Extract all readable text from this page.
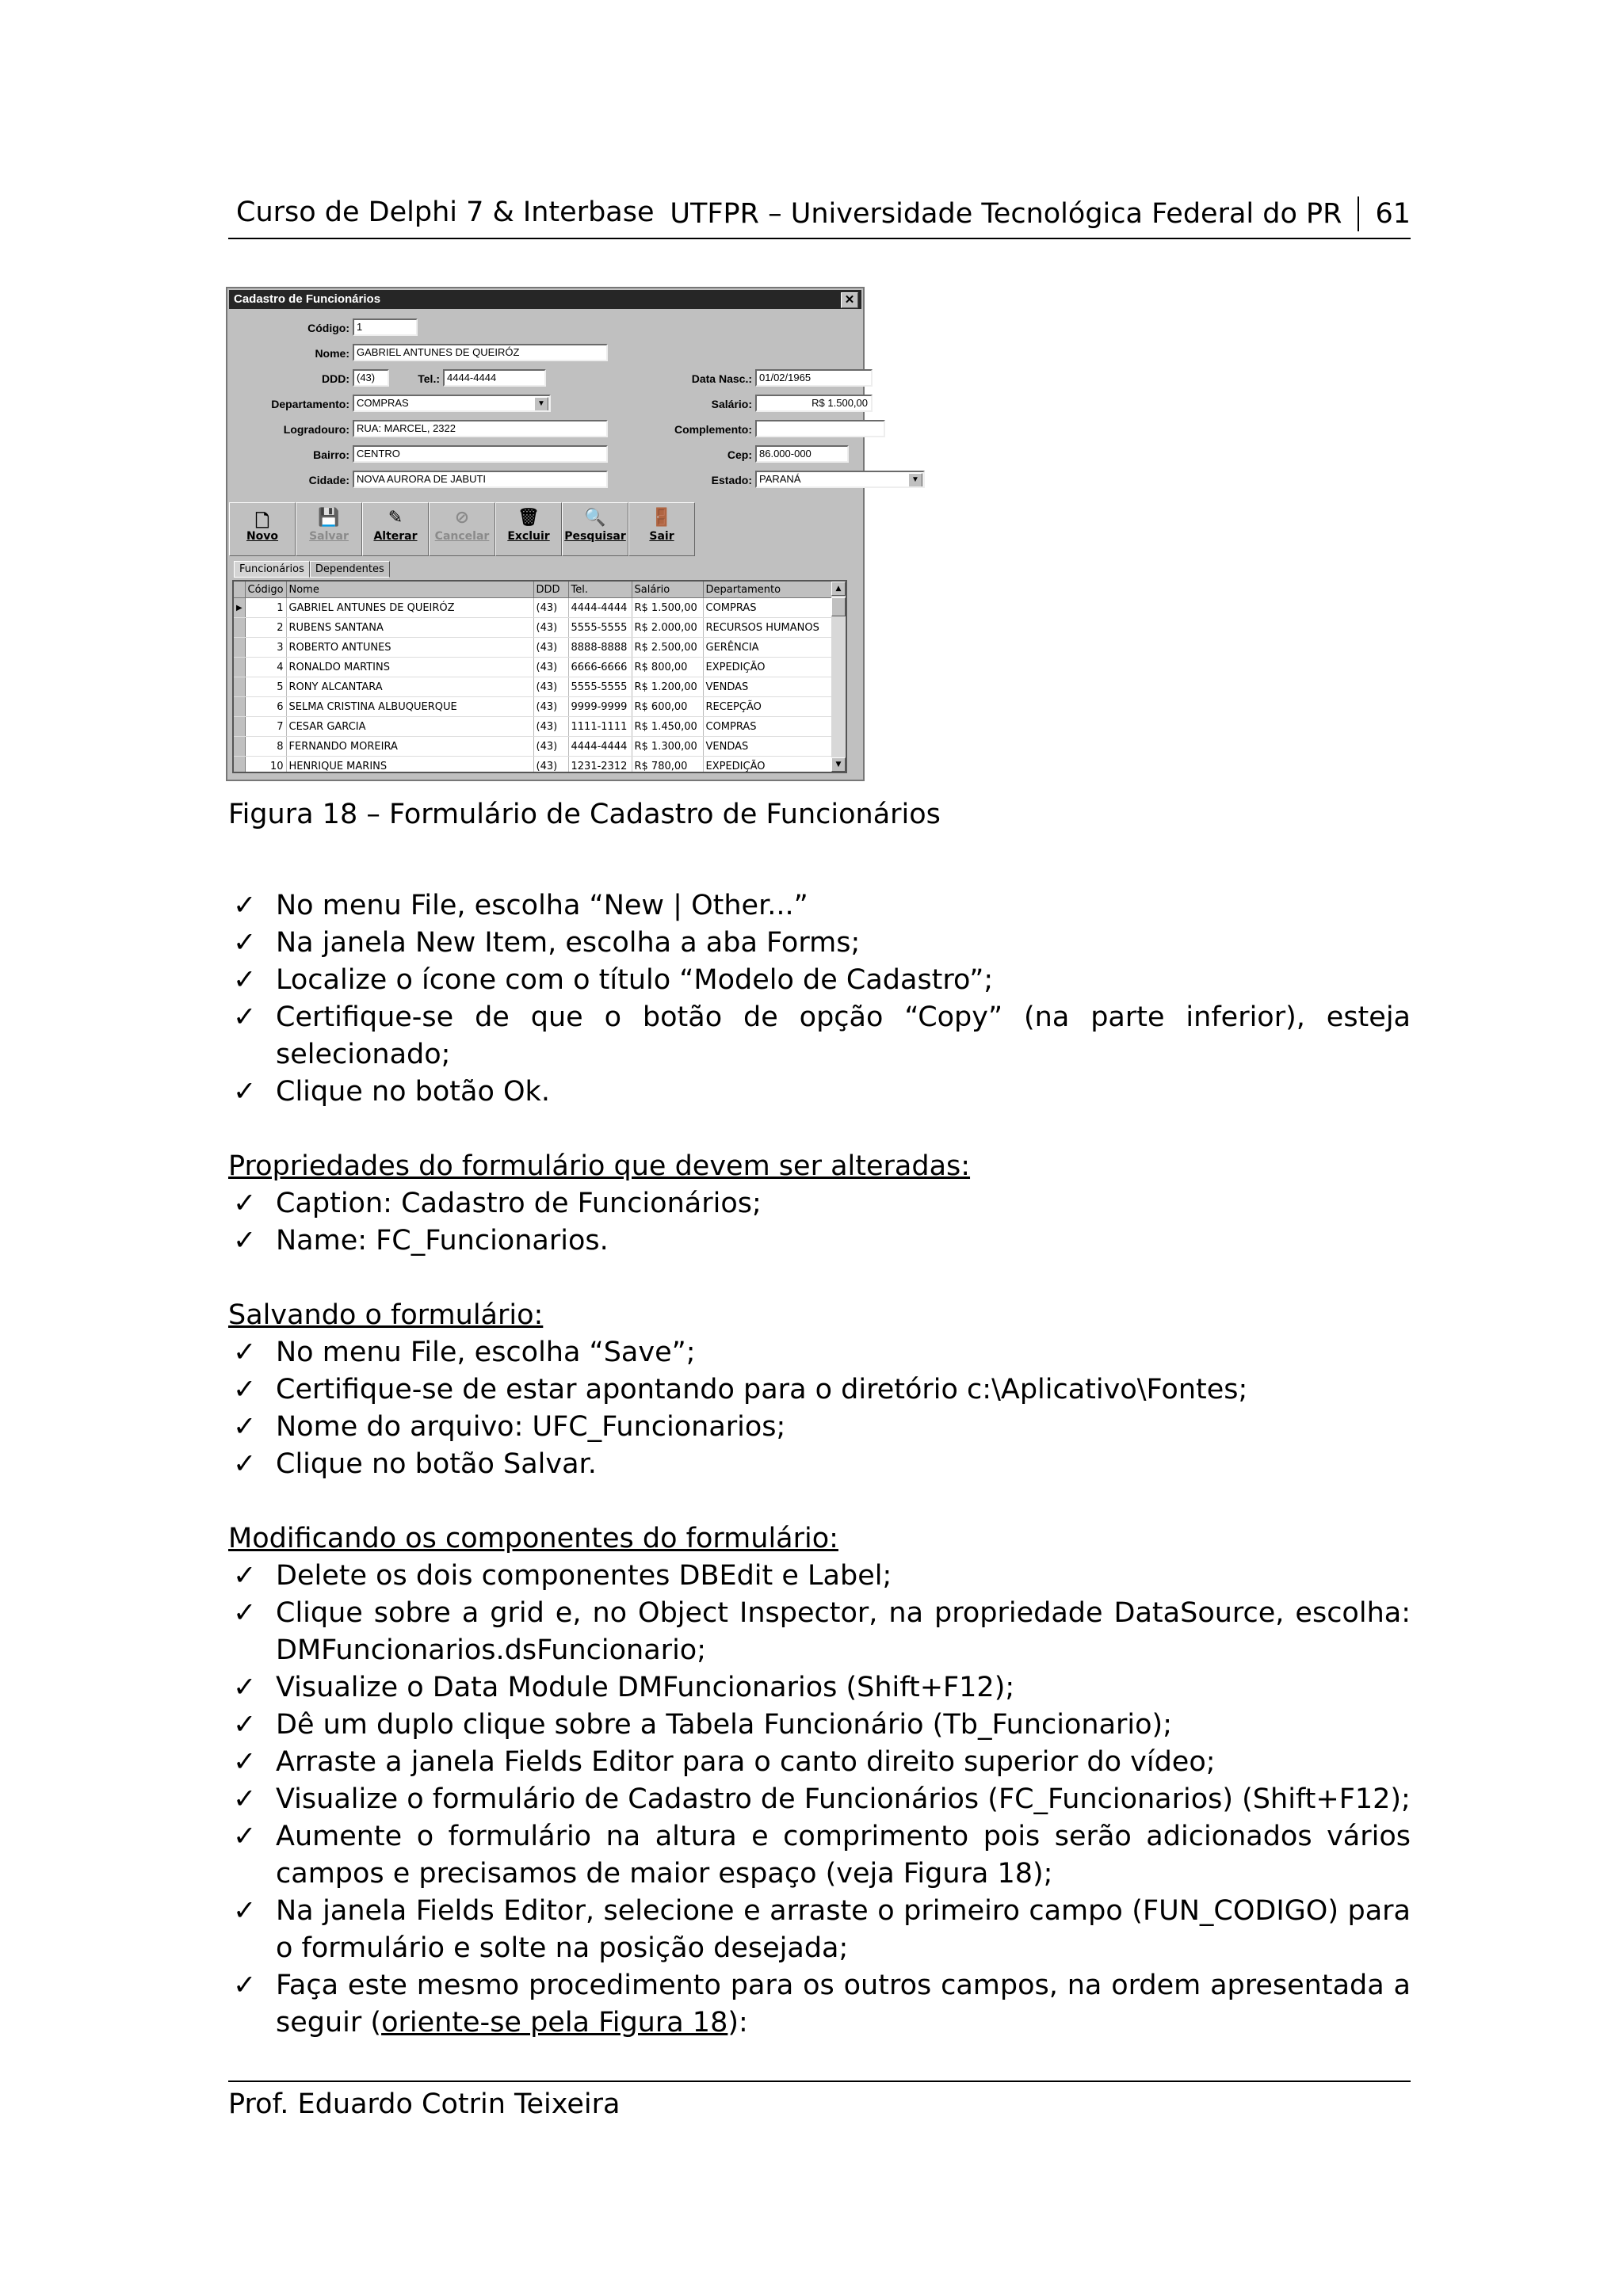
Curso de Delphi 7 & Interbase UTFPR – Universidade Tecnológica Federal do PR 61
Cadastro de Funcionários	✕
Código: 1
Nome: GABRIEL ANTUNES DE QUEIRÓZ
DDD: (43)	Tel.: 4444-4444	Data Nasc.: 01/02/1965
Departamento: COMPRAS	▼	Salário:	R$ 1.500,00
Logradouro: RUA: MARCEL, 2322	Complemento:
Bairro: CENTRO	Cep: 86.000-000
Cidade: NOVA AURORA DE JABUTI	Estado: PARANÁ	▼
🗋
Novo
💾
Salvar
✎
Alterar
⊘
Cancelar
🗑
Excluir
🔍
Pesquisar
🚪
Sair
Funcionários	Dependentes
	Código	Nome	DDD	Tel.	Salário	Departamento
▶	1	GABRIEL ANTUNES DE QUEIRÓZ	(43)	4444-4444	R$ 1.500,00	COMPRAS
	2	RUBENS SANTANA	(43)	5555-5555	R$ 2.000,00	RECURSOS HUMANOS
	3	ROBERTO ANTUNES	(43)	8888-8888	R$ 2.500,00	GERÊNCIA
	4	RONALDO MARTINS	(43)	6666-6666	R$ 800,00	EXPEDIÇÃO
	5	RONY ALCANTARA	(43)	5555-5555	R$ 1.200,00	VENDAS
	6	SELMA CRISTINA ALBUQUERQUE	(43)	9999-9999	R$ 600,00	RECEPÇÃO
	7	CESAR GARCIA	(43)	1111-1111	R$ 1.450,00	COMPRAS
	8	FERNANDO MOREIRA	(43)	4444-4444	R$ 1.300,00	VENDAS
	10	HENRIQUE MARINS	(43)	1231-2312	R$ 780,00	EXPEDIÇÃO
▲
▼
Figura 18 – Formulário de Cadastro de Funcionários
✓ No menu File, escolha “New | Other...”
✓ Na janela New Item, escolha a aba Forms;
✓ Localize o ícone com o título “Modelo de Cadastro”;
✓ Certifique-se de que o botão de opção “Copy” (na parte inferior), esteja selecionado;
✓ Clique no botão Ok.
Propriedades do formulário que devem ser alteradas:
✓ Caption: Cadastro de Funcionários;
✓ Name: FC_Funcionarios.
Salvando o formulário:
✓ No menu File, escolha “Save”;
✓ Certifique-se de estar apontando para o diretório c:\Aplicativo\Fontes;
✓ Nome do arquivo: UFC_Funcionarios;
✓ Clique no botão Salvar.
Modificando os componentes do formulário:
✓ Delete os dois componentes DBEdit e Label;
✓ Clique sobre a grid e, no Object Inspector, na propriedade DataSource, escolha: DMFuncionarios.dsFuncionario;
✓ Visualize o Data Module DMFuncionarios (Shift+F12);
✓ Dê um duplo clique sobre a Tabela Funcionário (Tb_Funcionario);
✓ Arraste a janela Fields Editor para o canto direito superior do vídeo;
✓ Visualize o formulário de Cadastro de Funcionários (FC_Funcionarios) (Shift+F12);
✓ Aumente o formulário na altura e comprimento pois serão adicionados vários campos e precisamos de maior espaço (veja Figura 18);
✓ Na janela Fields Editor, selecione e arraste o primeiro campo (FUN_CODIGO) para o formulário e solte na posição desejada;
✓ Faça este mesmo procedimento para os outros campos, na ordem apresentada a seguir (oriente-se pela Figura 18):
Prof. Eduardo Cotrin Teixeira
